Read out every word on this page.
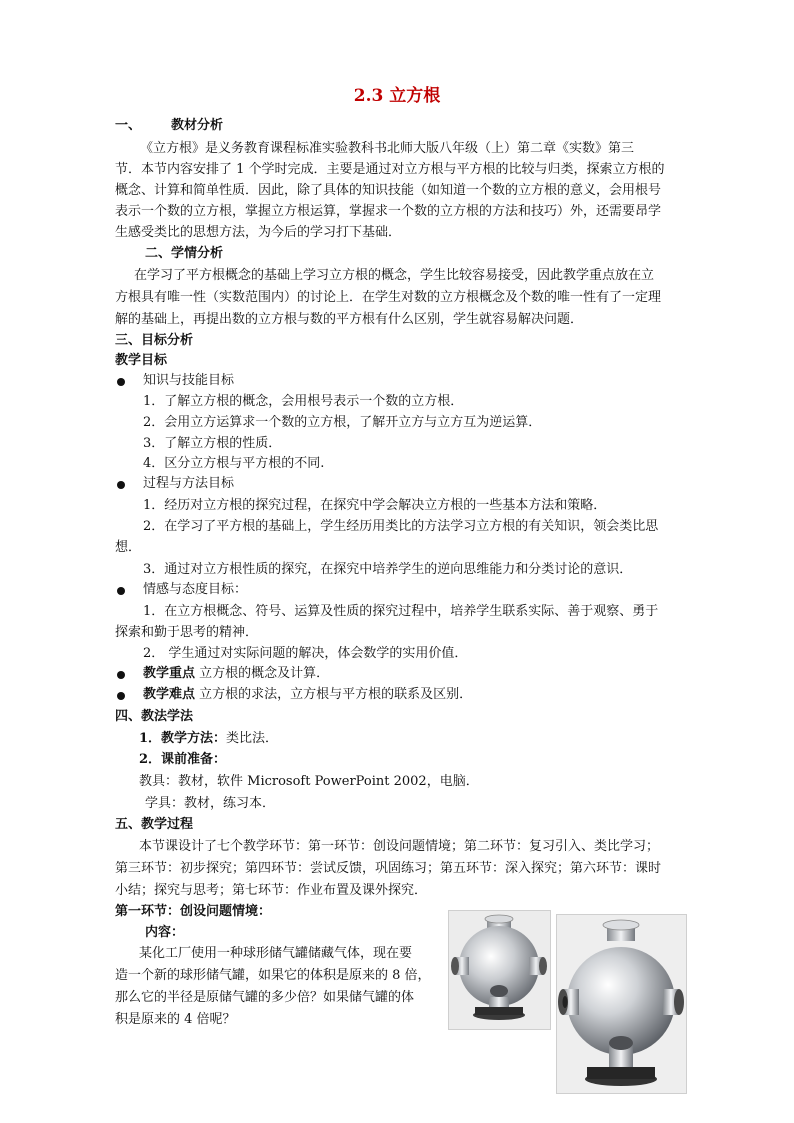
2.3 立方根
一、 教材分析
《立方根》是义务教育课程标准实验教科书北师大版八年级（上）第二章《实数》第三
节．本节内容安排了 1 个学时完成．主要是通过对立方根与平方根的比较与归类，探索立方根的
概念、计算和简单性质．因此，除了具体的知识技能（如知道一个数的立方根的意义，会用根号
表示一个数的立方根，掌握立方根运算，掌握求一个数的立方根的方法和技巧）外，还需要昂学
生感受类比的思想方法，为今后的学习打下基础．
二、学情分析
在学习了平方根概念的基础上学习立方根的概念，学生比较容易接受，因此教学重点放在立
方根具有唯一性（实数范围内）的讨论上．在学生对数的立方根概念及个数的唯一性有了一定理
解的基础上，再提出数的立方根与数的平方根有什么区别，学生就容易解决问题．
三、目标分析
教学目标
知识与技能目标
1．了解立方根的概念，会用根号表示一个数的立方根．
2．会用立方运算求一个数的立方根，了解开立方与立方互为逆运算．
3．了解立方根的性质．
4．区分立方根与平方根的不同.
过程与方法目标
1．经历对立方根的探究过程，在探究中学会解决立方根的一些基本方法和策略．
2．在学习了平方根的基础上，学生经历用类比的方法学习立方根的有关知识，领会类比思
想．
3．通过对立方根性质的探究，在探究中培养学生的逆向思维能力和分类讨论的意识．
情感与态度目标：
1．在立方根概念、符号、运算及性质的探究过程中，培养学生联系实际、善于观察、勇于
探索和勤于思考的精神．
2． 学生通过对实际问题的解决，体会数学的实用价值．
教学重点 立方根的概念及计算．
教学难点 立方根的求法，立方根与平方根的联系及区别．
四、教法学法
1．教学方法：类比法．
2．课前准备：
教具：教材，软件 Microsoft PowerPoint 2002，电脑．
学具：教材，练习本．
五、教学过程
本节课设计了七个教学环节：第一环节：创设问题情境；第二环节：复习引入、类比学习；
第三环节：初步探究；第四环节：尝试反馈，巩固练习；第五环节：深入探究；第六环节：课时
小结；探究与思考；第七环节：作业布置及课外探究．
第一环节：创设问题情境：
内容：
某化工厂使用一种球形储气罐储藏气体，现在要
造一个新的球形储气罐，如果它的体积是原来的 8 倍，
那么它的半径是原储气罐的多少倍？如果储气罐的体
积是原来的 4 倍呢？
